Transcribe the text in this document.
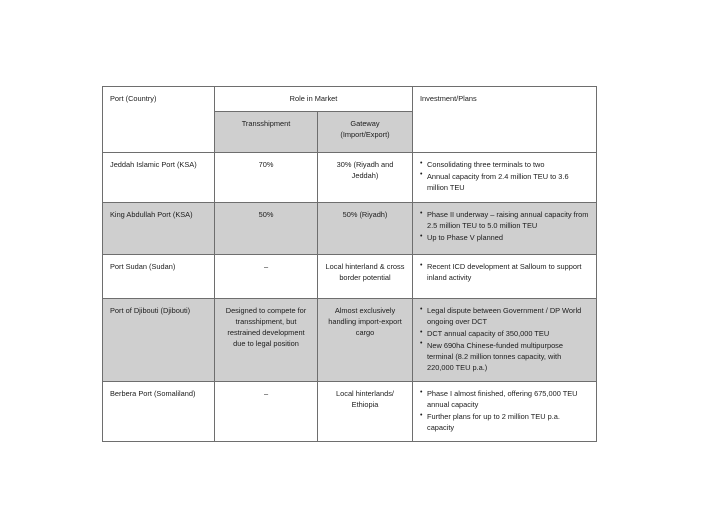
Port (Country)	Role in Market		Investment/Plans
	Transshipment	Gateway
(Import/Export)	
Jeddah Islamic Port (KSA)	70%	30% (Riyadh and Jeddah)	
• Consolidating three terminals to two
• Annual capacity from 2.4 million TEU to 3.6 million TEU

King Abdullah Port (KSA)	50%	50% (Riyadh)	
•Phase II underway – raising annual capacity from 2.5 million TEU to 5.0 million TEU
• Up to Phase V planned

Port Sudan (Sudan)	–	Local hinterland & cross border potential	
• Recent ICD development at Salloum to support inland activity

Port of Djibouti (Djibouti)	Designed to compete for transshipment, but restrained development due to legal position	Almost exclusively handling import-export cargo	
• Legal dispute between Government / DP World ongoing over DCT
• DCT annual capacity of 350,000 TEU
• New 690ha Chinese-funded multipurpose terminal (8.2 million tonnes capacity, with 220,000 TEU p.a.)

Berbera Port (Somaliland)	–	Local hinterlands/ Ethiopia	
• Phase I almost finished, offering 675,000 TEU annual capacity
• Further plans for up to 2 million TEU p.a. capacity
